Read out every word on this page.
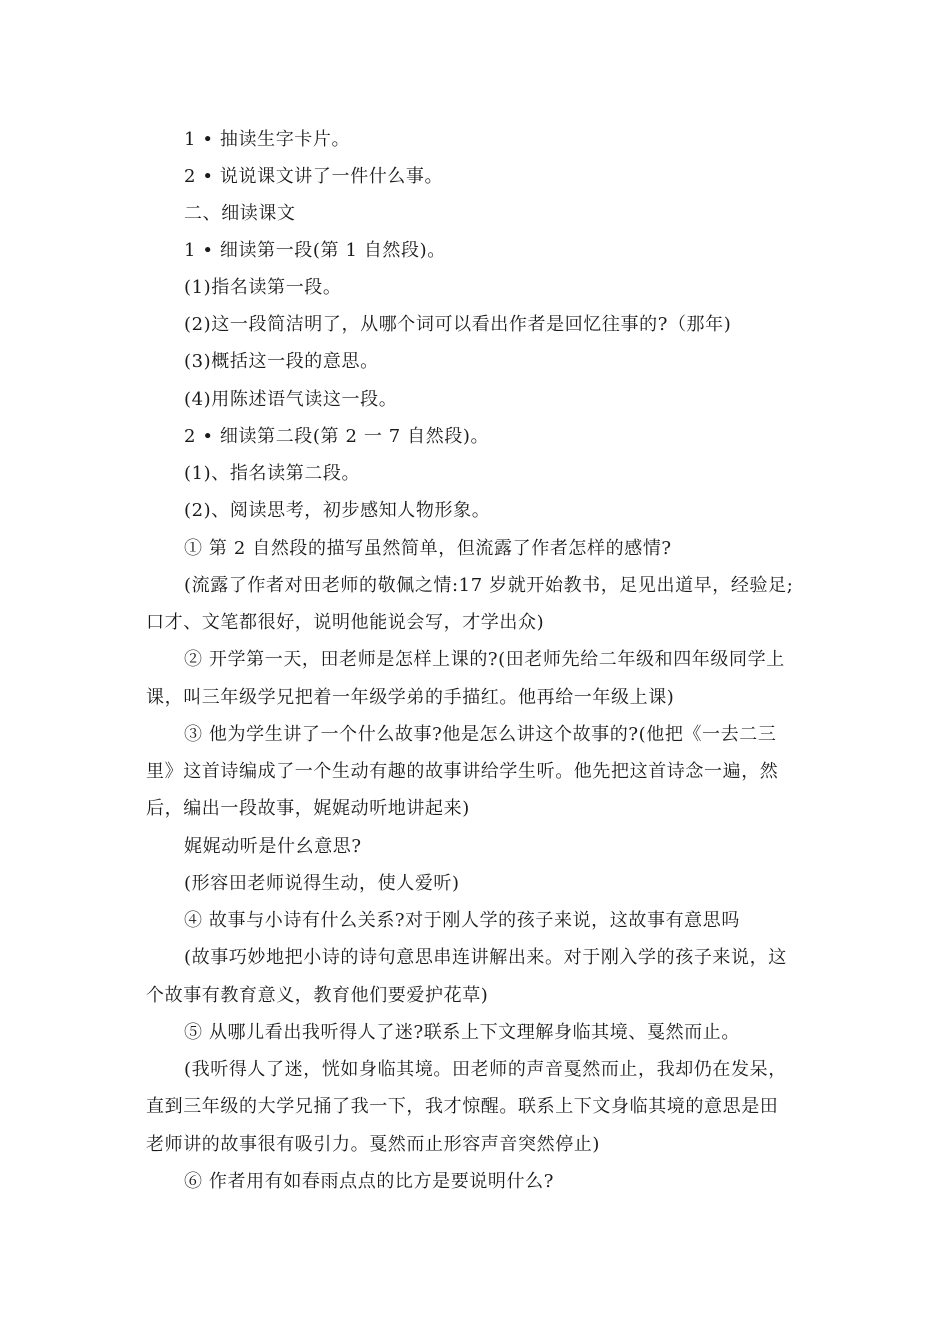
1 • 抽读生字卡片。
2 • 说说课文讲了一件什么事。
二、细读课文
1 • 细读第一段(第 1 自然段)。
(1)指名读第一段。
(2)这一段简洁明了，从哪个词可以看出作者是回忆往事的?（那年)
(3)概括这一段的意思。
(4)用陈述语气读这一段。
2 • 细读第二段(第 2 一 7 自然段)。
(1)、指名读第二段。
(2)、阅读思考，初步感知人物形象。
① 第 2 自然段的描写虽然简单，但流露了作者怎样的感情?
(流露了作者对田老师的敬佩之情:17 岁就开始教书，足见出道早，经验足;
口才、文笔都很好，说明他能说会写，才学出众)
② 开学第一天，田老师是怎样上课的?(田老师先给二年级和四年级同学上
课，叫三年级学兄把着一年级学弟的手描红。他再给一年级上课)
③ 他为学生讲了一个什么故事?他是怎么讲这个故事的?(他把《一去二三
里》这首诗编成了一个生动有趣的故事讲给学生听。他先把这首诗念一遍，然
后，编出一段故事，娓娓动听地讲起来)
娓娓动听是什幺意思?
(形容田老师说得生动，使人爱听)
④ 故事与小诗有什么关系?对于刚人学的孩子来说，这故事有意思吗
(故事巧妙地把小诗的诗句意思串连讲解出来。对于刚入学的孩子来说，这
个故事有教育意义，教育他们要爱护花草)
⑤ 从哪儿看出我听得人了迷?联系上下文理解身临其境、戛然而止。
(我听得人了迷，恍如身临其境。田老师的声音戛然而止，我却仍在发呆，
直到三年级的大学兄捅了我一下，我才惊醒。联系上下文身临其境的意思是田
老师讲的故事很有吸引力。戛然而止形容声音突然停止)
⑥ 作者用有如春雨点点的比方是要说明什么?
